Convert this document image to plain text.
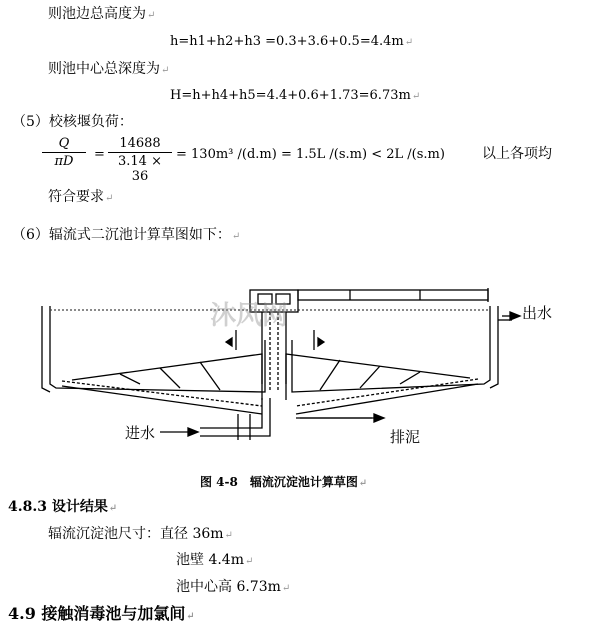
则池边总高度为↵
h=h1+h2+h3 =0.3+3.6+0.5=4.4m↵
则池中心总深度为↵
H=h+h4+h5=4.4+0.6+1.73=6.73m↵
（5）校核堰负荷：
Q
πD	=
14688
3.14 × 36
= 130m³ /(d.m) = 1.5L /(s.m) < 2L /(s.m)	以上各项均
符合要求↵
（6）辐流式二沉池计算草图如下：↵
沐风网	出水
进水	排泥
图 4-8　辐流沉淀池计算草图↵
4.8.3 设计结果↵
辐流沉淀池尺寸：直径 36m↵
池壁 4.4m↵
池中心高 6.73m↵
4.9 接触消毒池与加氯间↵
